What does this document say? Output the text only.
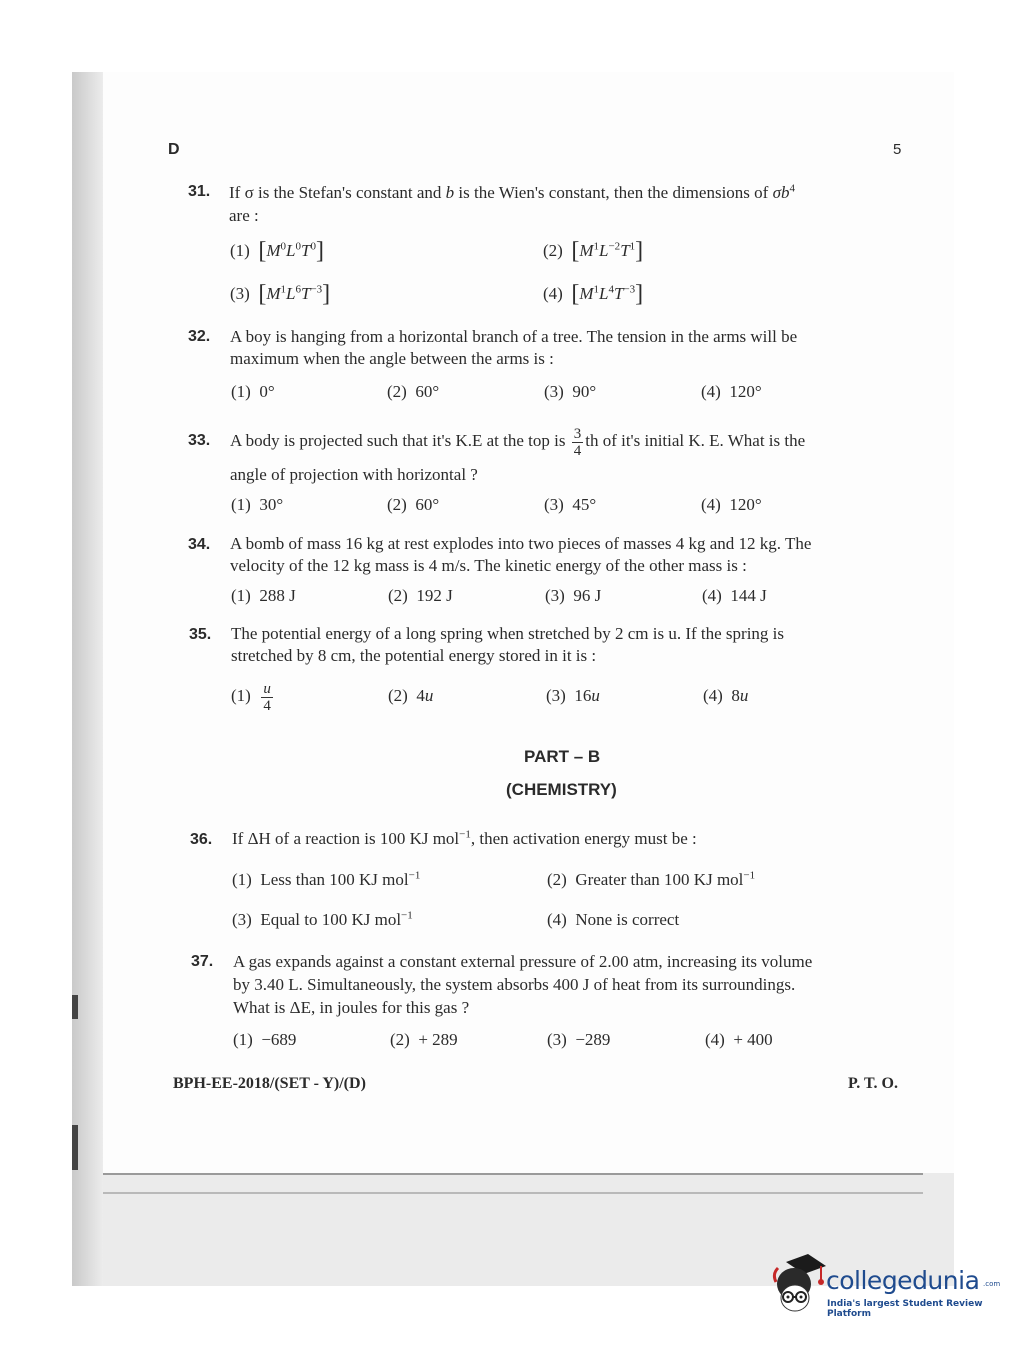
D	5
31. If σ is the Stefan's constant and b is the Wien's constant, then the dimensions of $\sigma b^4$
are :
(1) $[M^0L^0T^0]$	(2) $[M^1L^{-2}T^1]$
(3) $[M^1L^6T^{-3}]$	(4) $[M^1L^4T^{-3}]$
32. A boy is hanging from a horizontal branch of a tree. The tension in the arms will be
maximum when the angle between the arms is :
(1) 0°	(2) 60°	(3) 90°	(4) 120°
33. A body is projected such that it's K.E at the top is $\frac{3}{4}$ th of it's initial K. E. What is the
angle of projection with horizontal ?
(1) 30°	(2) 60°	(3) 45°	(4) 120°
34. A bomb of mass 16 kg at rest explodes into two pieces of masses 4 kg and 12 kg. The
velocity of the 12 kg mass is 4 m/s. The kinetic energy of the other mass is :
(1) 288 J	(2) 192 J	(3) 96 J	(4) 144 J
35. The potential energy of a long spring when stretched by 2 cm is u. If the spring is
stretched by 8 cm, the potential energy stored in it is :
$(1) \frac{u}{4}$	(2) 4u	(3) 16u	(4) 8u
PART – B
(CHEMISTRY)
36. If ΔH of a reaction is 100 KJ mol$^{-1}$, then activation energy must be :
(1) Less than 100 KJ mol$^{-1}$	(2) Greater than 100 KJ mol$^{-1}$
(3) Equal to 100 KJ mol$^{-1}$	(4) None is correct
37. A gas expands against a constant external pressure of 2.00 atm, increasing its volume
by 3.40 L. Simultaneously, the system absorbs 400 J of heat from its surroundings.
What is ΔE, in joules for this gas ?
(1) −689	(2) + 289	(3) −289	(4) + 400
BPH-EE-2018/(SET - Y)/(D)	P. T. O.
collegedunia .com
India's largest Student Review Platform
